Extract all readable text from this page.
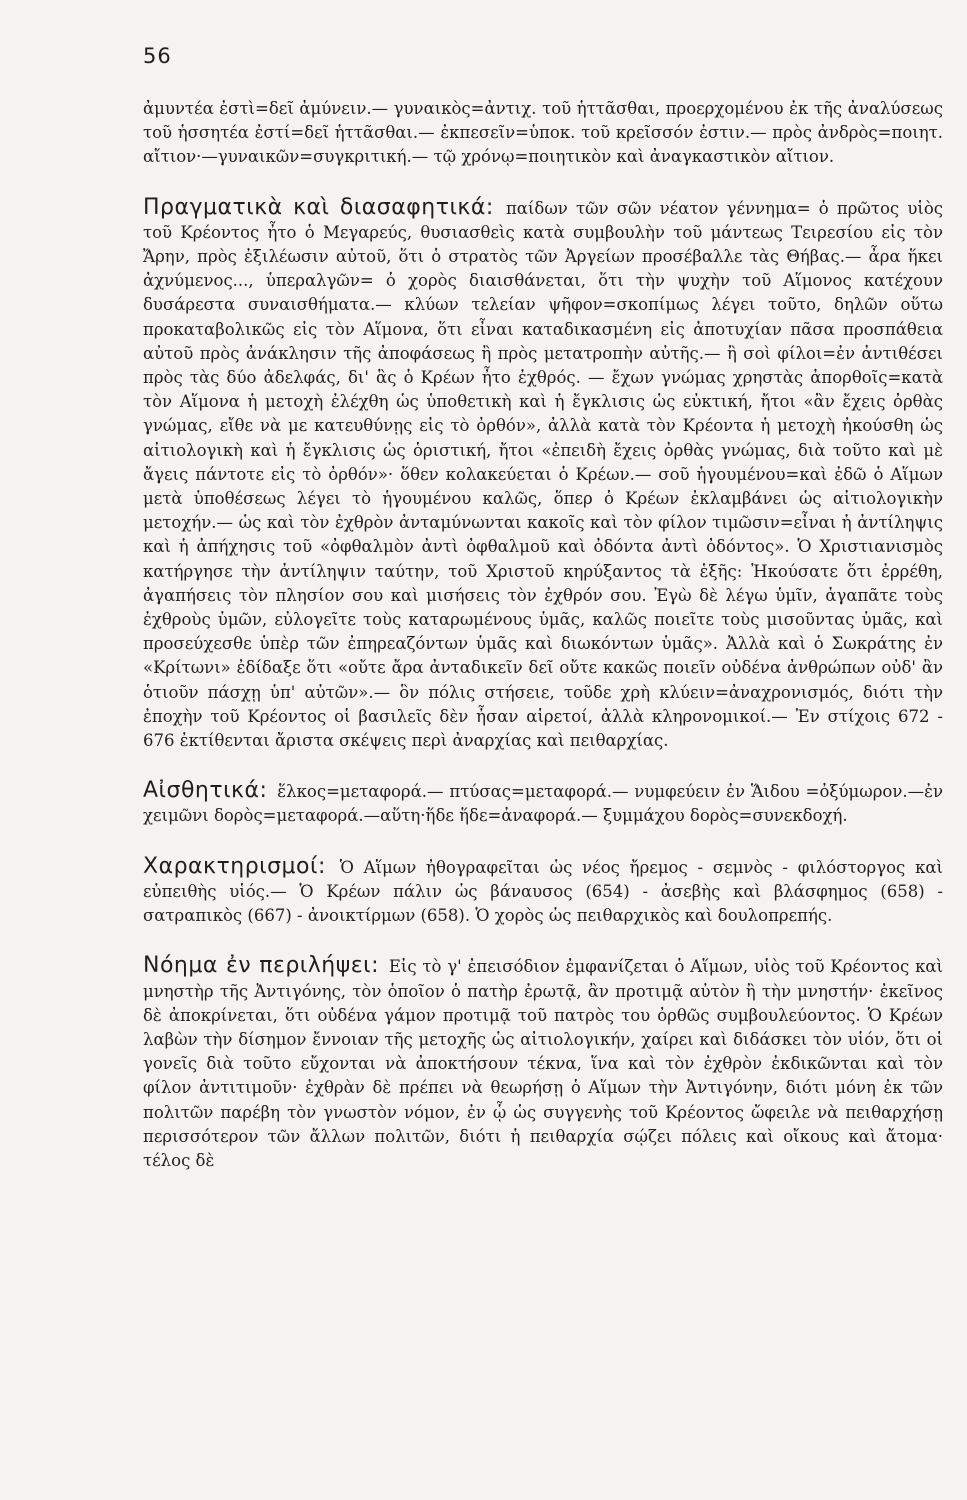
56

ἀμυντέα ἐστὶ=δεῖ ἀμύνειν.— γυναικὸς=ἀντιχ. τοῦ ἡττᾶσθαι, προερχομένου ἐκ τῆς ἀναλύσεως τοῦ ἡσσητέα ἐστί=δεῖ ἡττᾶσθαι.— ἐκπεσεῖν=ὑποκ. τοῦ κρεῖσσόν ἐστιν.— πρὸς ἀνδρὸς=ποιητ. αἴτιον·—γυναικῶν=συγκριτική.— τῷ χρόνῳ=ποιητικὸν καὶ ἀναγκαστικὸν αἴτιον.

Πραγματικὰ καὶ διασαφητικά: παίδων τῶν σῶν νέατον γέννημα= ὁ πρῶτος υἱὸς τοῦ Κρέοντος ἦτο ὁ Μεγαρεύς, θυσιασθεὶς κατὰ συμβουλὴν τοῦ μάντεως Τειρεσίου εἰς τὸν Ἄρην, πρὸς ἐξιλέωσιν αὐτοῦ, ὅτι ὁ στρατὸς τῶν Ἀργείων προσέβαλλε τὰς Θήβας.— ἆρα ἥκει ἀχνύμενος..., ὑπεραλγῶν= ὁ χορὸς διαισθάνεται, ὅτι τὴν ψυχὴν τοῦ Αἵμονος κατέχουν δυσάρεστα συναισθήματα.— κλύων τελείαν ψῆφον=σκοπίμως λέγει τοῦτο, δηλῶν οὕτω προκαταβολικῶς εἰς τὸν Αἵμονα, ὅτι εἶναι καταδικασμένη εἰς ἀποτυχίαν πᾶσα προσπάθεια αὐτοῦ πρὸς ἀνάκλησιν τῆς ἀποφάσεως ἢ πρὸς μετατροπὴν αὐτῆς.— ἢ σοὶ φίλοι=ἐν ἀντιθέσει πρὸς τὰς δύο ἀδελφάς, δι' ἃς ὁ Κρέων ἦτο ἐχθρός. — ἔχων γνώμας χρηστὰς ἀπορθοῖς=κατὰ τὸν Αἵμονα ἡ μετοχὴ ἐλέχθη ὡς ὑποθετικὴ καὶ ἡ ἔγκλισις ὡς εὐκτική, ἤτοι «ἂν ἔχεις ὀρθὰς γνώμας, εἴθε νὰ με κατευθύνῃς εἰς τὸ ὀρθόν», ἀλλὰ κατὰ τὸν Κρέοντα ἡ μετοχὴ ἠκούσθη ὡς αἰτιολογικὴ καὶ ἡ ἔγκλισις ὡς ὁριστική, ἤτοι «ἐπειδὴ ἔχεις ὀρθὰς γνώμας, διὰ τοῦτο καὶ μὲ ἄγεις πάντοτε εἰς τὸ ὀρθόν»· ὅθεν κολακεύεται ὁ Κρέων.— σοῦ ἡγουμένου=καὶ ἐδῶ ὁ Αἵμων μετὰ ὑποθέσεως λέγει τὸ ἡγουμένου καλῶς, ὅπερ ὁ Κρέων ἐκλαμβάνει ὡς αἰτιολογικὴν μετοχήν.— ὡς καὶ τὸν ἐχθρὸν ἀνταμύνωνται κακοῖς καὶ τὸν φίλον τιμῶσιν=εἶναι ἡ ἀντίληψις καὶ ἡ ἀπήχησις τοῦ «ὀφθαλμὸν ἀντὶ ὀφθαλμοῦ καὶ ὀδόντα ἀντὶ ὀδόντος». Ὁ Χριστιανισμὸς κατήργησε τὴν ἀντίληψιν ταύτην, τοῦ Χριστοῦ κηρύξαντος τὰ ἑξῆς: Ἠκούσατε ὅτι ἐρρέθη, ἀγαπήσεις τὸν πλησίον σου καὶ μισήσεις τὸν ἐχθρόν σου. Ἐγὼ δὲ λέγω ὑμῖν, ἀγαπᾶτε τοὺς ἐχθροὺς ὑμῶν, εὐλογεῖτε τοὺς καταρωμένους ὑμᾶς, καλῶς ποιεῖτε τοὺς μισοῦντας ὑμᾶς, καὶ προσεύχεσθε ὑπὲρ τῶν ἐπηρεαζόντων ὑμᾶς καὶ διωκόντων ὑμᾶς». Ἀλλὰ καὶ ὁ Σωκράτης ἐν «Κρίτωνι» ἐδίδαξε ὅτι «οὔτε ἄρα ἀνταδικεῖν δεῖ οὔτε κακῶς ποιεῖν οὐδένα ἀνθρώπων οὐδ' ἂν ὁτιοῦν πάσχῃ ὑπ' αὐτῶν».— ὃν πόλις στήσειε, τοῦδε χρὴ κλύειν=ἀναχρονισμός, διότι τὴν ἐποχὴν τοῦ Κρέοντος οἱ βασιλεῖς δὲν ἦσαν αἱρετοί, ἀλλὰ κληρονομικοί.— Ἐν στίχοις 672 - 676 ἐκτίθενται ἄριστα σκέψεις περὶ ἀναρχίας καὶ πειθαρχίας.

Αἰσθητικά: ἕλκος=μεταφορά.— πτύσας=μεταφορά.— νυμφεύειν ἐν Ἅιδου =ὀξύμωρον.—ἐν χειμῶνι δορὸς=μεταφορά.—αὕτη·ἥδε ἥδε=ἀναφορά.— ξυμμάχου δορὸς=συνεκδοχή.

Χαρακτηρισμοί: Ὁ Αἵμων ἠθογραφεῖται ὡς νέος ἤρεμος - σεμνὸς - φιλόστοργος καὶ εὐπειθὴς υἱός.— Ὁ Κρέων πάλιν ὡς βάναυσος (654) - ἀσεβὴς καὶ βλάσφημος (658) - σατραπικὸς (667) - ἀνοικτίρμων (658). Ὁ χορὸς ὡς πειθαρχικὸς καὶ δουλοπρεπής.

Νόημα ἐν περιλήψει: Εἰς τὸ γ' ἐπεισόδιον ἐμφανίζεται ὁ Αἵμων, υἱὸς τοῦ Κρέοντος καὶ μνηστὴρ τῆς Ἀντιγόνης, τὸν ὁποῖον ὁ πατὴρ ἐρωτᾷ, ἂν προτιμᾷ αὐτὸν ἢ τὴν μνηστήν· ἐκεῖνος δὲ ἀποκρίνεται, ὅτι οὐδένα γάμον προτιμᾷ τοῦ πατρὸς του ὀρθῶς συμβουλεύοντος. Ὁ Κρέων λαβὼν τὴν δίσημον ἔννοιαν τῆς μετοχῆς ὡς αἰτιολογικήν, χαίρει καὶ διδάσκει τὸν υἱόν, ὅτι οἱ γονεῖς διὰ τοῦτο εὔχονται νὰ ἀποκτήσουν τέκνα, ἵνα καὶ τὸν ἐχθρὸν ἐκδικῶνται καὶ τὸν φίλον ἀντιτιμοῦν· ἐχθρὰν δὲ πρέπει νὰ θεωρήσῃ ὁ Αἵμων τὴν Ἀντιγόνην, διότι μόνη ἐκ τῶν πολιτῶν παρέβη τὸν γνωστὸν νόμον, ἐν ᾧ ὡς συγγενὴς τοῦ Κρέοντος ὤφειλε νὰ πειθαρχήσῃ περισσότερον τῶν ἄλλων πολιτῶν, διότι ἡ πειθαρχία σῴζει πόλεις καὶ οἴκους καὶ ἄτομα· τέλος δὲ
